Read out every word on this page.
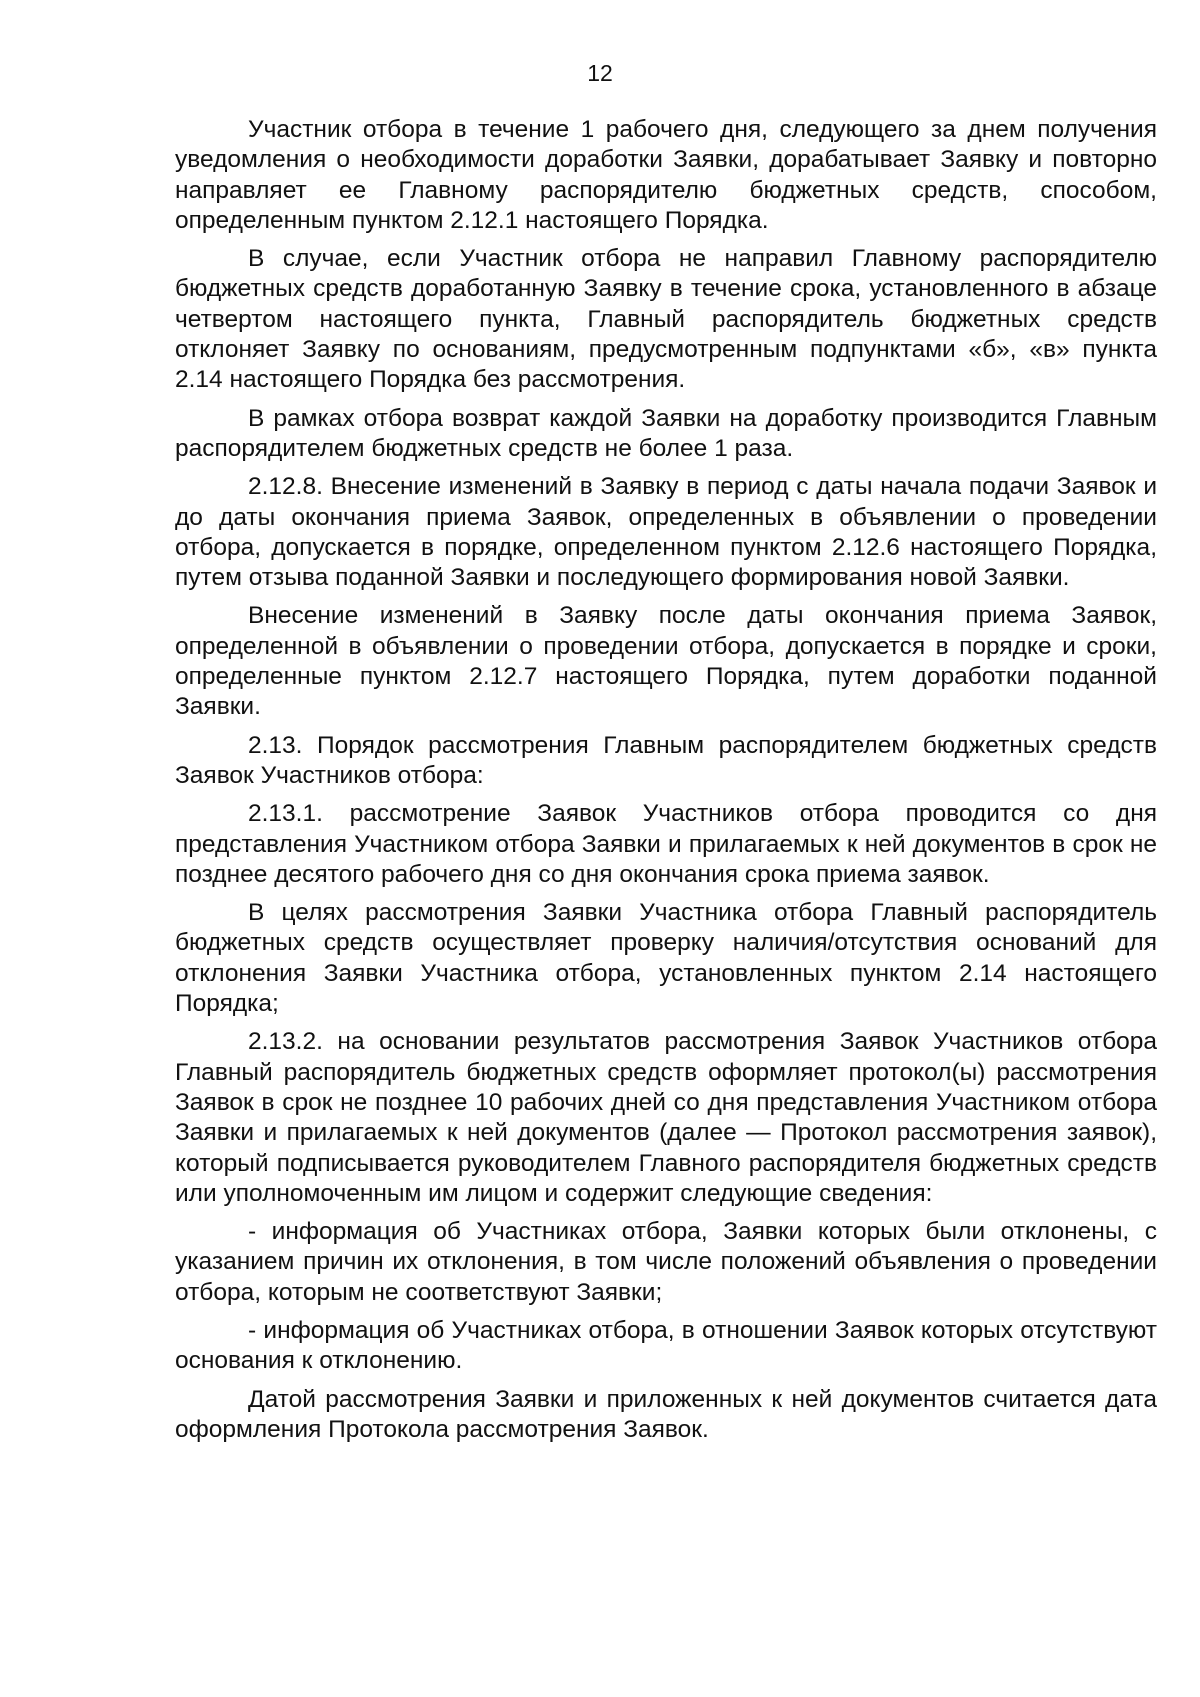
12

Участник отбора в течение 1 рабочего дня, следующего за днем получения уведомления о необходимости доработки Заявки, дорабатывает Заявку и повторно направляет ее Главному распорядителю бюджетных средств, способом, определенным пунктом 2.12.1 настоящего Порядка.

В случае, если Участник отбора не направил Главному распорядителю бюджетных средств доработанную Заявку в течение срока, установленного в абзаце четвертом настоящего пункта, Главный распорядитель бюджетных средств отклоняет Заявку по основаниям, предусмотренным подпунктами «б», «в» пункта 2.14 настоящего Порядка без рассмотрения.

В рамках отбора возврат каждой Заявки на доработку производится Главным распорядителем бюджетных средств не более 1 раза.

2.12.8. Внесение изменений в Заявку в период с даты начала подачи Заявок и до даты окончания приема Заявок, определенных в объявлении о проведении отбора, допускается в порядке, определенном пунктом 2.12.6 настоящего Порядка, путем отзыва поданной Заявки и последующего формирования новой Заявки.

Внесение изменений в Заявку после даты окончания приема Заявок, определенной в объявлении о проведении отбора, допускается в порядке и сроки, определенные пунктом 2.12.7 настоящего Порядка, путем доработки поданной Заявки.

2.13. Порядок рассмотрения Главным распорядителем бюджетных средств Заявок Участников отбора:

2.13.1. рассмотрение Заявок Участников отбора проводится со дня представления Участником отбора Заявки и прилагаемых к ней документов в срок не позднее десятого рабочего дня со дня окончания срока приема заявок.

В целях рассмотрения Заявки Участника отбора Главный распорядитель бюджетных средств осуществляет проверку наличия/отсутствия оснований для отклонения Заявки Участника отбора, установленных пунктом 2.14 настоящего Порядка;

2.13.2. на основании результатов рассмотрения Заявок Участников отбора Главный распорядитель бюджетных средств оформляет протокол(ы) рассмотрения Заявок в срок не позднее 10 рабочих дней со дня представления Участником отбора Заявки и прилагаемых к ней документов (далее — Протокол рассмотрения заявок), который подписывается руководителем Главного распорядителя бюджетных средств или уполномоченным им лицом и содержит следующие сведения:

- информация об Участниках отбора, Заявки которых были отклонены, с указанием причин их отклонения, в том числе положений объявления о проведении отбора, которым не соответствуют Заявки;

- информация об Участниках отбора, в отношении Заявок которых отсутствуют основания к отклонению.

Датой рассмотрения Заявки и приложенных к ней документов считается дата оформления Протокола рассмотрения Заявок.
